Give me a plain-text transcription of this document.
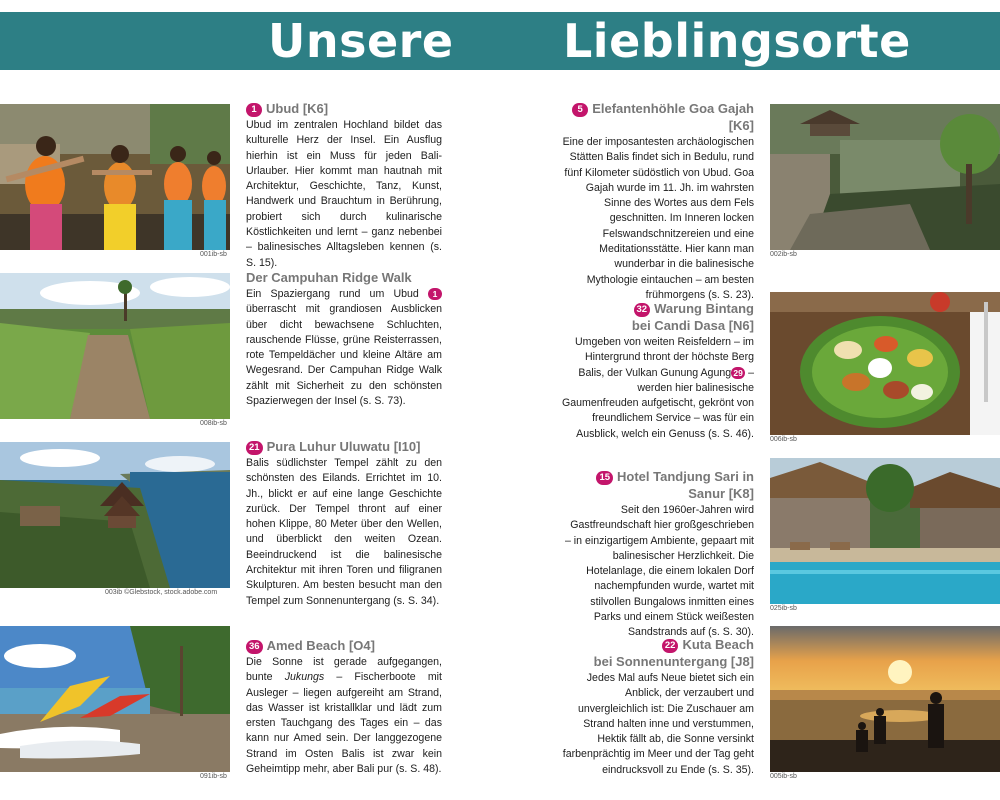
Unsere Lieblingsorte
001ib-sb
1 Ubud [K6]
Ubud im zentralen Hochland bildet das kulturelle Herz der Insel. Ein Ausflug hierhin ist ein Muss für jeden Bali-Urlauber. Hier kommt man hautnah mit Architektur, Geschichte, Tanz, Kunst, Handwerk und Brauchtum in Berührung, probiert sich durch kulinarische Köstlichkeiten und lernt – ganz nebenbei – balinesisches Alltagsleben kennen (s. S. 15).
008ib-sb
Der Campuhan Ridge Walk
Ein Spaziergang rund um Ubud 1 überrascht mit grandiosen Ausblicken über dicht bewachsene Schluchten, rauschende Flüsse, grüne Reisterrassen, rote Tempeldächer und kleine Altäre am Wegesrand. Der Campuhan Ridge Walk zählt mit Sicherheit zu den schönsten Spazierwegen der Insel (s. S. 73).
003ib ©Glebstock, stock.adobe.com
21 Pura Luhur Uluwatu [I10]
Balis südlichster Tempel zählt zu den schönsten des Eilands. Errichtet im 10. Jh., blickt er auf eine lange Geschichte zurück. Der Tempel thront auf einer hohen Klippe, 80 Meter über den Wellen, und überblickt den weiten Ozean. Beeindruckend ist die balinesische Architektur mit ihren Toren und filigranen Skulpturen. Am besten besucht man den Tempel zum Sonnenuntergang (s. S. 34).
091ib-sb
36 Amed Beach [O4]
Die Sonne ist gerade aufgegangen, bunte Jukungs – Fischerboote mit Ausleger – liegen aufgereiht am Strand, das Wasser ist kristallklar und lädt zum ersten Tauchgang des Tages ein – das kann nur Amed sein. Der langgezogene Strand im Osten Balis ist zwar kein Geheimtipp mehr, aber Bali pur (s. S. 48).
5 Elefantenhöhle Goa Gajah [K6]
Eine der imposantesten archäologischen Stätten Balis findet sich in Bedulu, rund fünf Kilometer südöstlich von Ubud. Goa Gajah wurde im 11. Jh. im wahrsten Sinne des Wortes aus dem Fels geschnitten. Im Inneren locken Felswandschnitzereien und eine Meditationsstätte. Hier kann man wunderbar in die balinesische Mythologie eintauchen – am besten frühmorgens (s. S. 23).
002ib-sb
32 Warung Bintang
bei Candi Dasa [N6]
Umgeben von weiten Reisfeldern – im Hintergrund thront der höchste Berg Balis, der Vulkan Gunung Agung 29 – werden hier balinesische Gaumenfreuden aufgetischt, gekrönt von freundlichem Service – was für ein Ausblick, welch ein Genuss (s. S. 46). 006ib-sb
15 Hotel Tandjung Sari in Sanur [K8]
Seit den 1960er-Jahren wird Gastfreundschaft hier großgeschrieben – in einzigartigem Ambiente, gepaart mit balinesischer Herzlichkeit. Die Hotelanlage, die einem lokalen Dorf nachempfunden wurde, wartet mit stilvollen Bungalows inmitten eines Parks und einem Stück weißesten Sandstrands auf (s. S. 30).
025ib-sb
22 Kuta Beach
bei Sonnenuntergang [J8]
Jedes Mal aufs Neue bietet sich ein Anblick, der verzaubert und unvergleichlich ist: Die Zuschauer am Strand halten inne und verstummen, Hektik fällt ab, die Sonne versinkt farbenprächtig im Meer und der Tag geht eindrucksvoll zu Ende (s. S. 35).
005ib-sb
